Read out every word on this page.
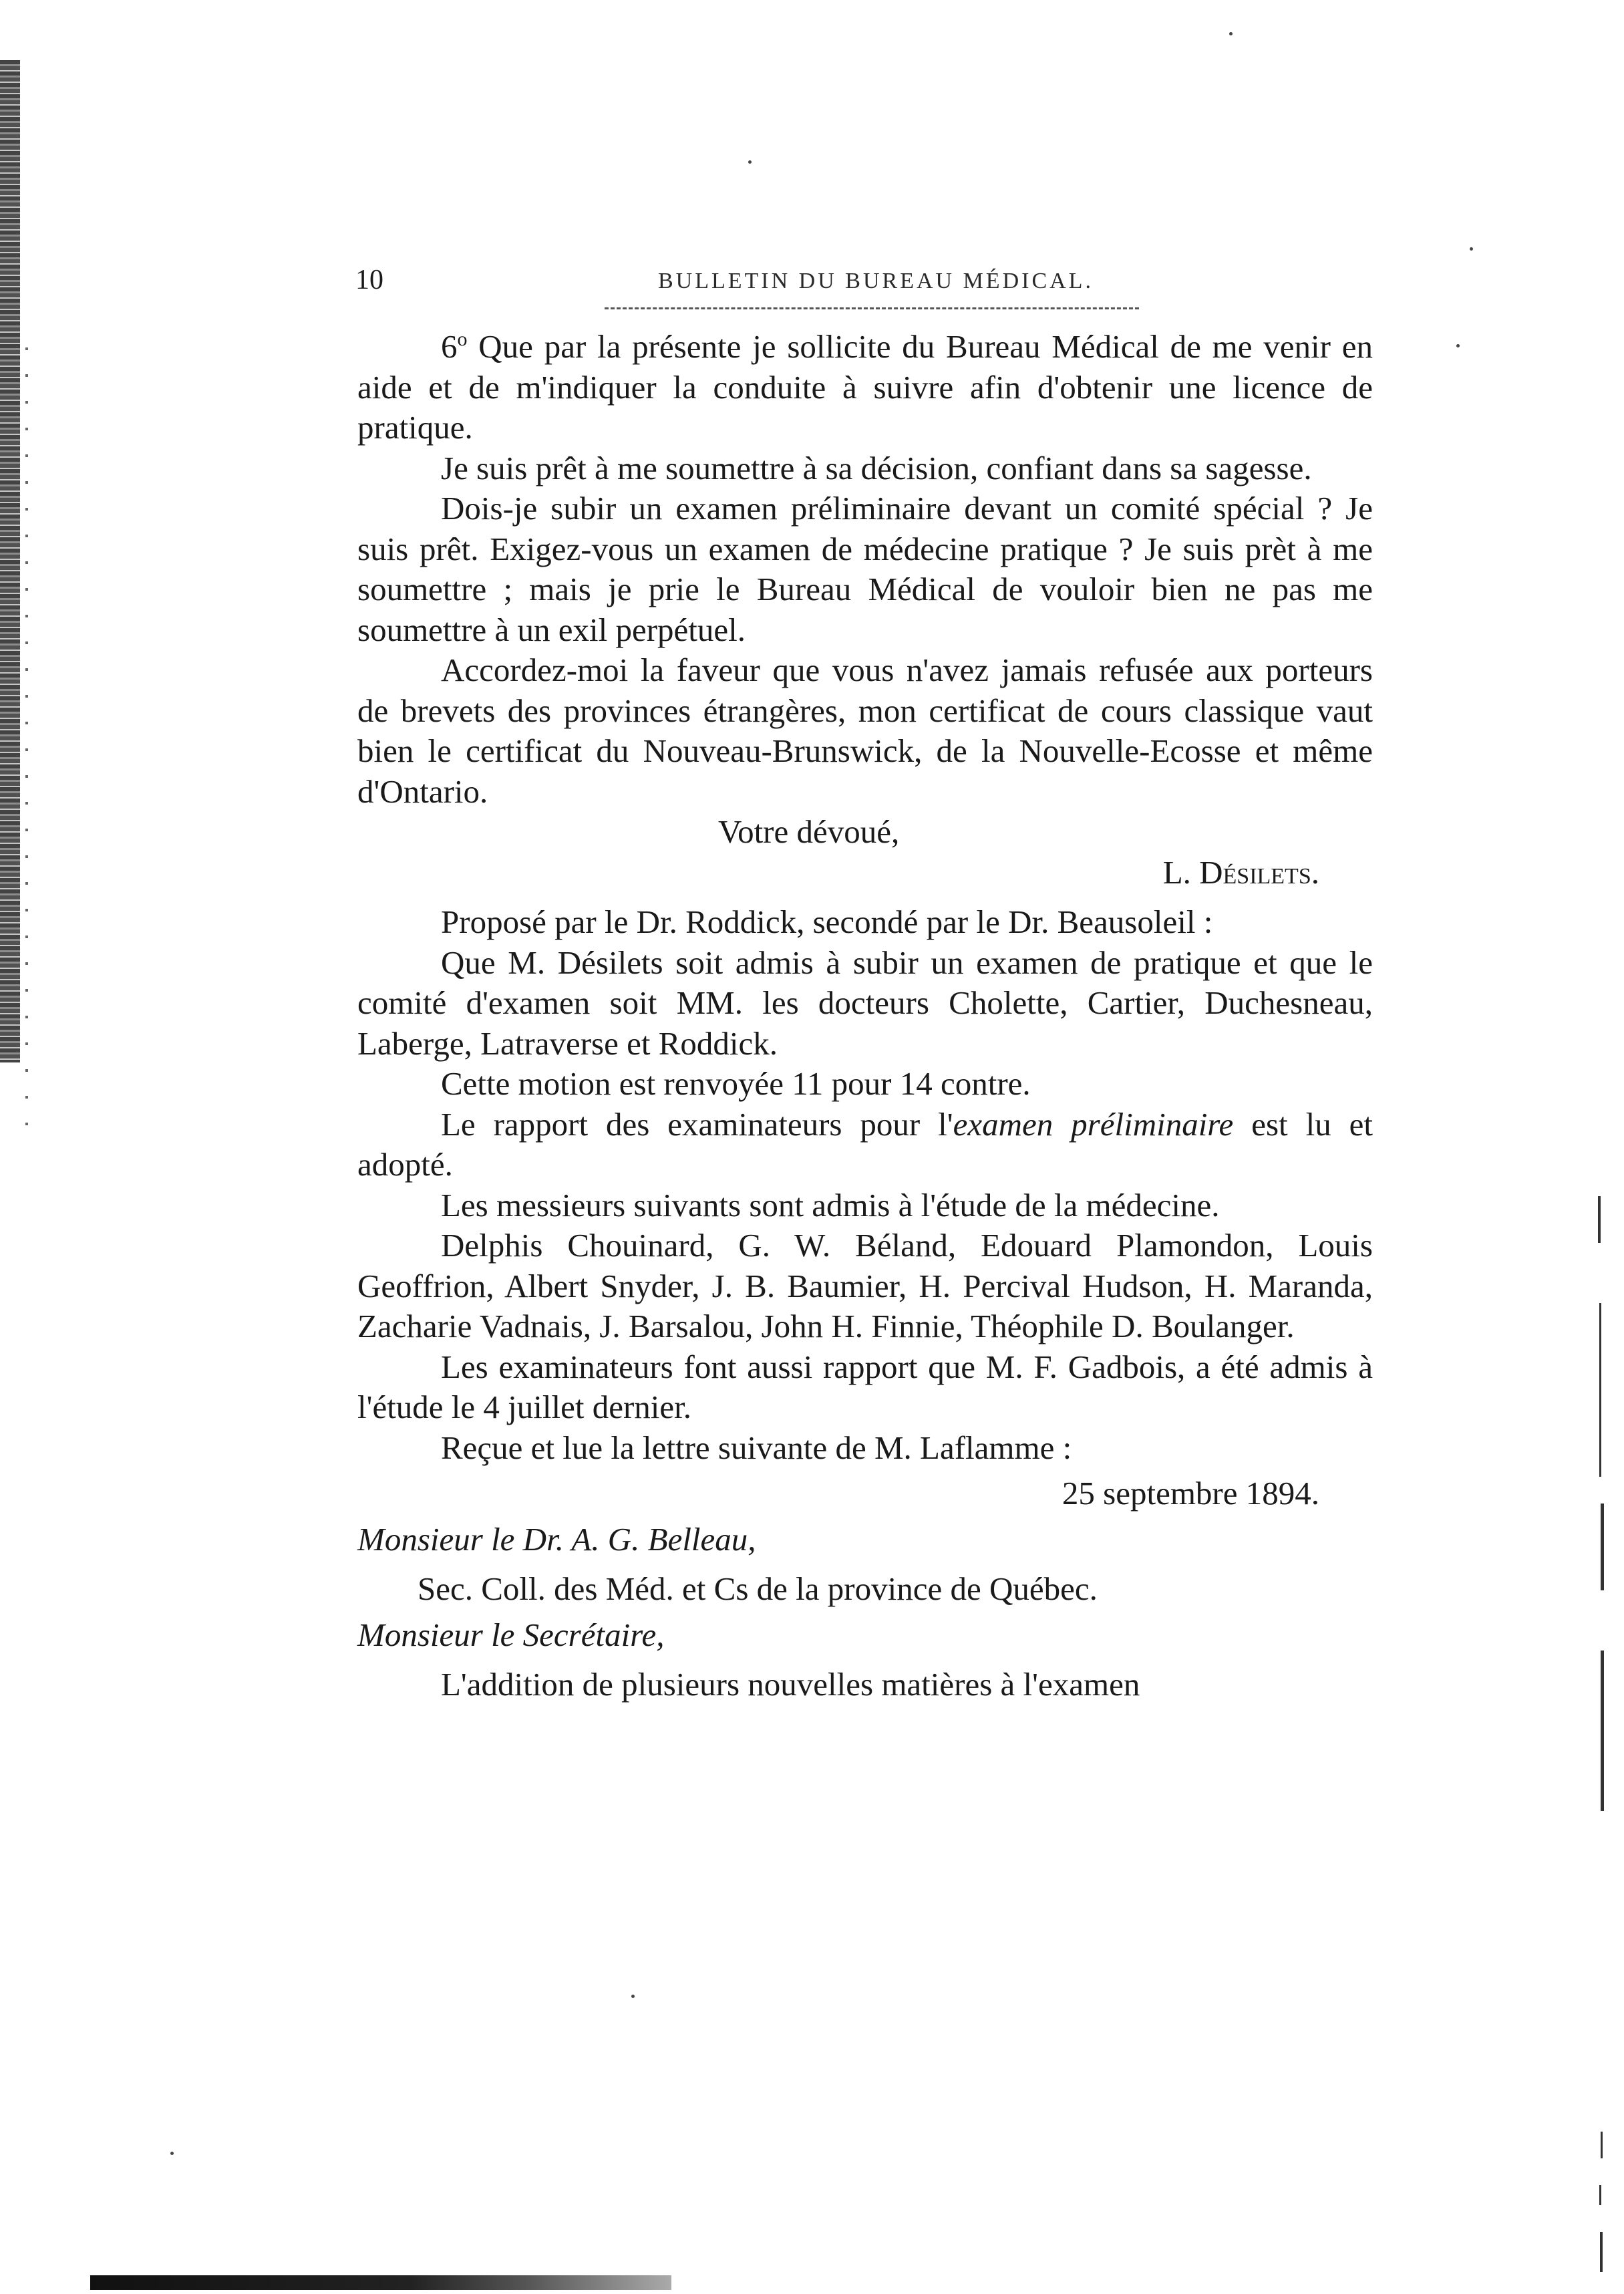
10	BULLETIN DU BUREAU MÉDICAL.

6$^o$ Que par la présente je sollicite du Bureau Médical de me venir en aide et de m'indiquer la conduite à suivre afin d'obtenir une licence de pratique.

Je suis prêt à me soumettre à sa décision, confiant dans sa sagesse.

Dois-je subir un examen préliminaire devant un comité spécial ? Je suis prêt. Exigez-vous un examen de médecine pratique ? Je suis prèt à me soumettre ; mais je prie le Bureau Médical de vouloir bien ne pas me soumettre à un exil perpétuel.

Accordez-moi la faveur que vous n'avez jamais refusée aux porteurs de brevets des provinces étrangères, mon certificat de cours classique vaut bien le certificat du Nouveau-Brunswick, de la Nouvelle-Ecosse et même d'Ontario.

Votre dévoué,

L. Désilets.

Proposé par le Dr. Roddick, secondé par le Dr. Beausoleil :

Que M. Désilets soit admis à subir un examen de pratique et que le comité d'examen soit MM. les docteurs Cholette, Cartier, Duchesneau, Laberge, Latraverse et Roddick.

Cette motion est renvoyée 11 pour 14 contre.

Le rapport des examinateurs pour l'examen préliminaire est lu et adopté.

Les messieurs suivants sont admis à l'étude de la médecine.

Delphis Chouinard, G. W. Béland, Edouard Plamondon, Louis Geoffrion, Albert Snyder, J. B. Baumier, H. Percival Hudson, H. Maranda, Zacharie Vadnais, J. Barsalou, John H. Finnie, Théophile D. Boulanger.

Les examinateurs font aussi rapport que M. F. Gadbois, a été admis à l'étude le 4 juillet dernier.

Reçue et lue la lettre suivante de M. Laflamme :

25 septembre 1894.

Monsieur le Dr. A. G. Belleau,

Sec. Coll. des Méd. et Cs de la province de Québec.

Monsieur le Secrétaire,

L'addition de plusieurs nouvelles matières à l'examen
